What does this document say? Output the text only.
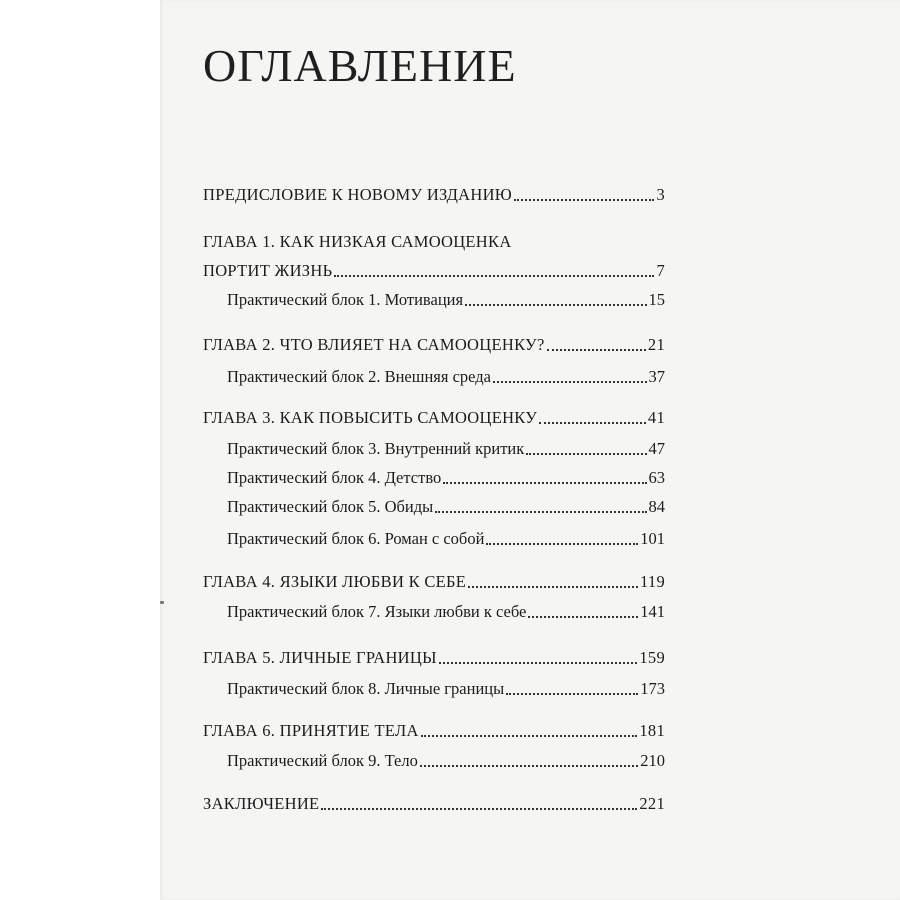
ОГЛАВЛЕНИЕ
ПРЕДИСЛОВИЕ К НОВОМУ ИЗДАНИЮ	3
ГЛАВА 1. КАК НИЗКАЯ САМООЦЕНКА
ПОРТИТ ЖИЗНЬ	7
Практический блок 1. Мотивация	15
ГЛАВА 2. ЧТО ВЛИЯЕТ НА САМООЦЕНКУ?	21
Практический блок 2. Внешняя среда	37
ГЛАВА 3. КАК ПОВЫСИТЬ САМООЦЕНКУ	41
Практический блок 3. Внутренний критик	47
Практический блок 4. Детство	63
Практический блок 5. Обиды	84
Практический блок 6. Роман с собой	101
ГЛАВА 4. ЯЗЫКИ ЛЮБВИ К СЕБЕ	119
Практический блок 7. Языки любви к себе	141
ГЛАВА 5. ЛИЧНЫЕ ГРАНИЦЫ	159
Практический блок 8. Личные границы	173
ГЛАВА 6. ПРИНЯТИЕ ТЕЛА	181
Практический блок 9. Тело	210
ЗАКЛЮЧЕНИЕ	221
